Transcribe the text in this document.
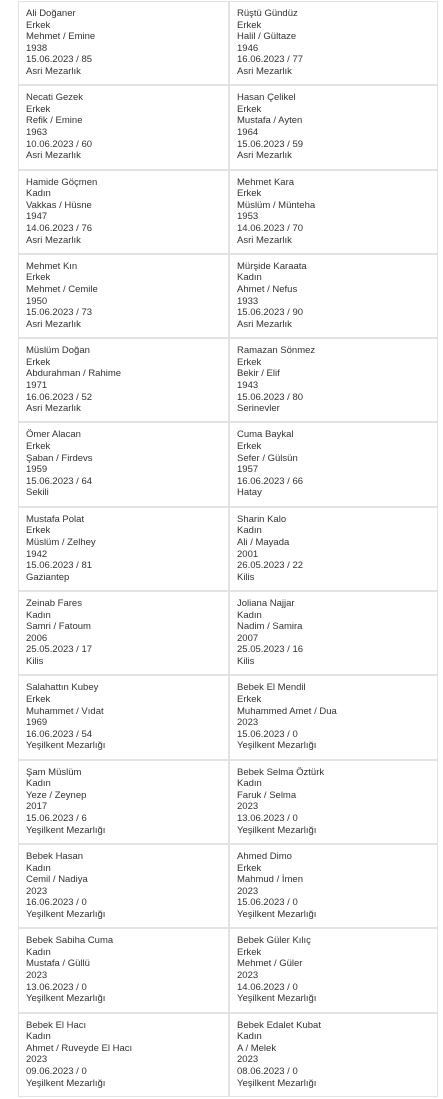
Ali Doğaner
Erkek
Mehmet / Emine
1938
15.06.2023 / 85
Asri Mezarlık
Rüştü Gündüz
Erkek
Halil / Gültaze
1946
16.06.2023 / 77
Asri Mezarlık
Necati Gezek
Erkek
Refik / Emine
1963
10.06.2023 / 60
Asri Mezarlık
Hasan Çelikel
Erkek
Mustafa / Ayten
1964
15.06.2023 / 59
Asri Mezarlık
Hamide Göçmen
Kadın
Vakkas / Hüsne
1947
14.06.2023 / 76
Asri Mezarlık
Mehmet Kara
Erkek
Müslüm / Münteha
1953
14.06.2023 / 70
Asri Mezarlık
Mehmet Kın
Erkek
Mehmet / Cemile
1950
15.06.2023 / 73
Asri Mezarlık
Mürşide Karaata
Kadın
Ahmet / Nefus
1933
15.06.2023 / 90
Asri Mezarlık
Müslüm Doğan
Erkek
Abdurahman / Rahime
1971
16.06.2023 / 52
Asri Mezarlık
Ramazan Sönmez
Erkek
Bekir / Elif
1943
15.06.2023 / 80
Serinevler
Ömer Alacan
Erkek
Şaban / Firdevs
1959
15.06.2023 / 64
Sekili
Cuma Baykal
Erkek
Sefer / Gülsün
1957
16.06.2023 / 66
Hatay
Mustafa Polat
Erkek
Müslüm / Zelhey
1942
15.06.2023 / 81
Gaziantep
Sharin Kalo
Kadın
Ali / Mayada
2001
26.05.2023 / 22
Kilis
Zeinab Fares
Kadın
Samri / Fatoum
2006
25.05.2023 / 17
Kilis
Joliana Najjar
Kadın
Nadim / Samira
2007
25.05.2023 / 16
Kilis
Salahattın Kubey
Erkek
Muhammet / Vıdat
1969
16.06.2023 / 54
Yeşilkent Mezarlığı
Bebek El Mendil
Erkek
Muhammed Amet / Dua
2023
15.06.2023 / 0
Yeşilkent Mezarlığı
Şam Müslüm
Kadın
Yeze / Zeynep
2017
15.06.2023 / 6
Yeşilkent Mezarlığı
Bebek Selma Öztürk
Kadın
Faruk / Selma
2023
13.06.2023 / 0
Yeşilkent Mezarlığı
Bebek Hasan
Kadın
Cemil / Nadiya
2023
16.06.2023 / 0
Yeşilkent Mezarlığı
Ahmed Dimo
Erkek
Mahmud / İmen
2023
15.06.2023 / 0
Yeşilkent Mezarlığı
Bebek Sabiha Cuma
Kadın
Mustafa / Güllü
2023
13.06.2023 / 0
Yeşilkent Mezarlığı
Bebek Güler Kılıç
Erkek
Mehmet / Güler
2023
14.06.2023 / 0
Yeşilkent Mezarlığı
Bebek El Hacı
Kadın
Ahmet / Ruveyde El Hacı
2023
09.06.2023 / 0
Yeşilkent Mezarlığı
Bebek Edalet Kubat
Kadın
A / Melek
2023
08.06.2023 / 0
Yeşilkent Mezarlığı
